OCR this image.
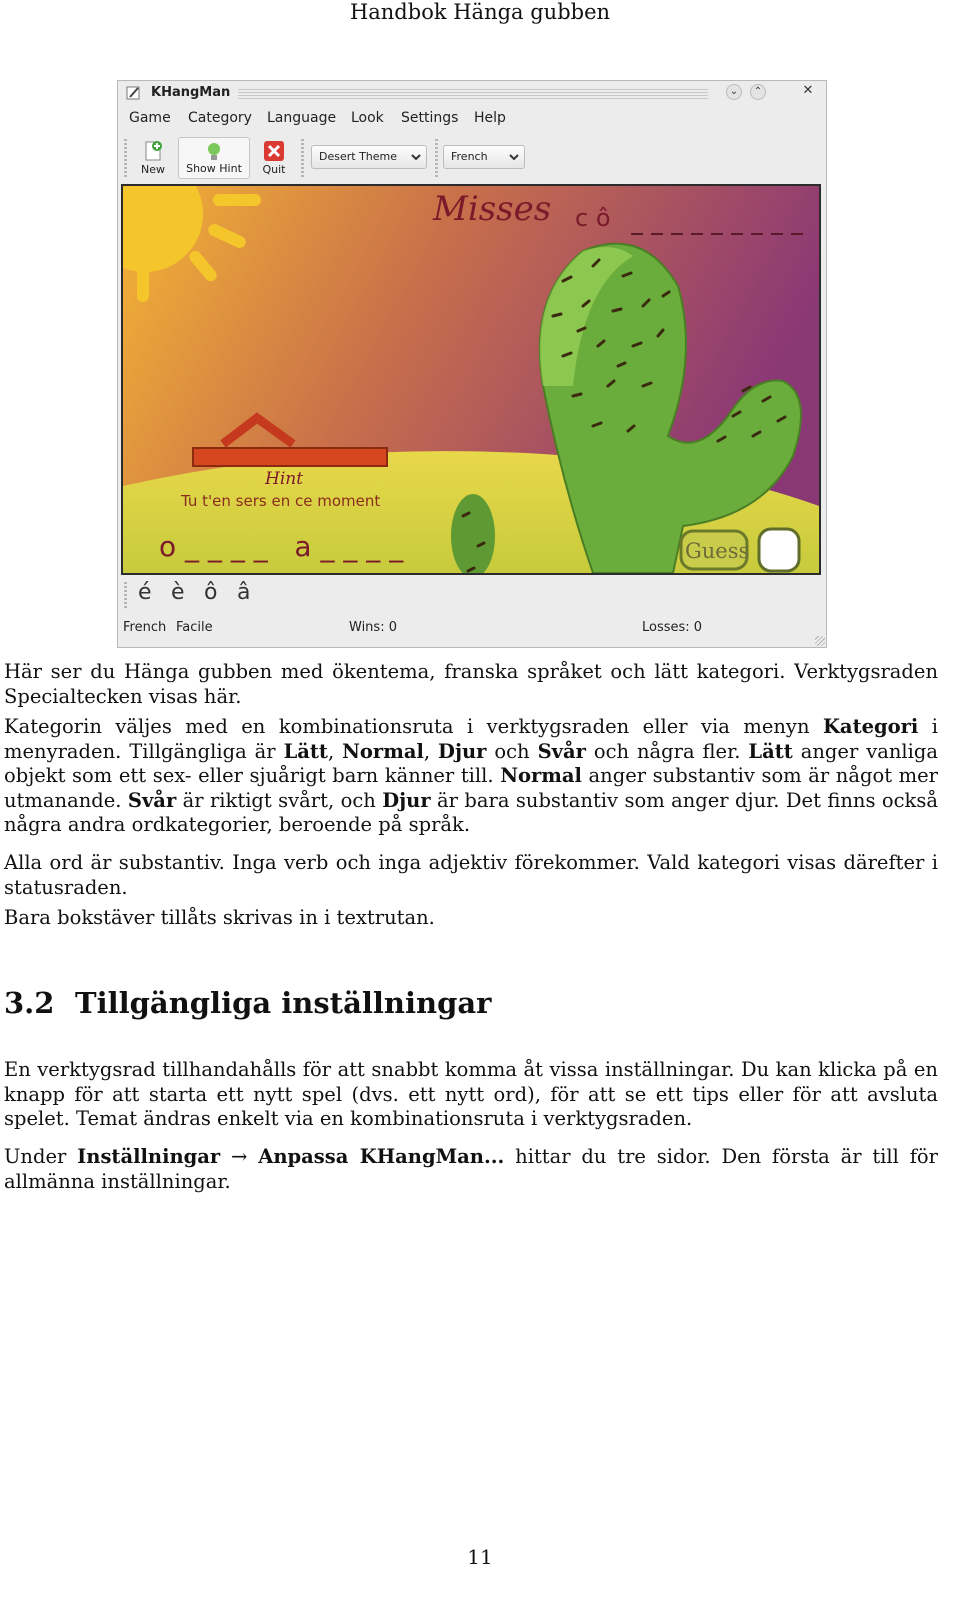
Handbok Hänga gubben
KHangMan	⌄	⌃	✕
Game Category Language Look Settings Help
New	Show Hint	Quit
Desert Theme	French
Misses c ô
Hint
Tu t'en sers en ce moment
o _ _ _ _   a _ _ _ _	Guess
é è ô â
French Facile	Wins: 0	Losses: 0

Här ser du Hänga gubben med ökentema, franska språket och lätt kategori. Verktygsraden Specialtecken visas här.

Kategorin väljes med en kombinationsruta i verktygsraden eller via menyn Kategori i menyraden. Tillgängliga är Lätt, Normal, Djur och Svår och några fler. Lätt anger vanliga objekt som ett sex- eller sjuårigt barn känner till. Normal anger substantiv som är något mer utmanande. Svår är riktigt svårt, och Djur är bara substantiv som anger djur. Det finns också några andra ordkategorier, beroende på språk.

Alla ord är substantiv. Inga verb och inga adjektiv förekommer. Vald kategori visas därefter i statusraden.

Bara bokstäver tillåts skrivas in i textrutan.

3.2 Tillgängliga inställningar

En verktygsrad tillhandahålls för att snabbt komma åt vissa inställningar. Du kan klicka på en knapp för att starta ett nytt spel (dvs. ett nytt ord), för att se ett tips eller för att avsluta spelet. Temat ändras enkelt via en kombinationsruta i verktygsraden.

Under Inställningar → Anpassa KHangMan... hittar du tre sidor. Den första är till för allmänna inställningar.

11
